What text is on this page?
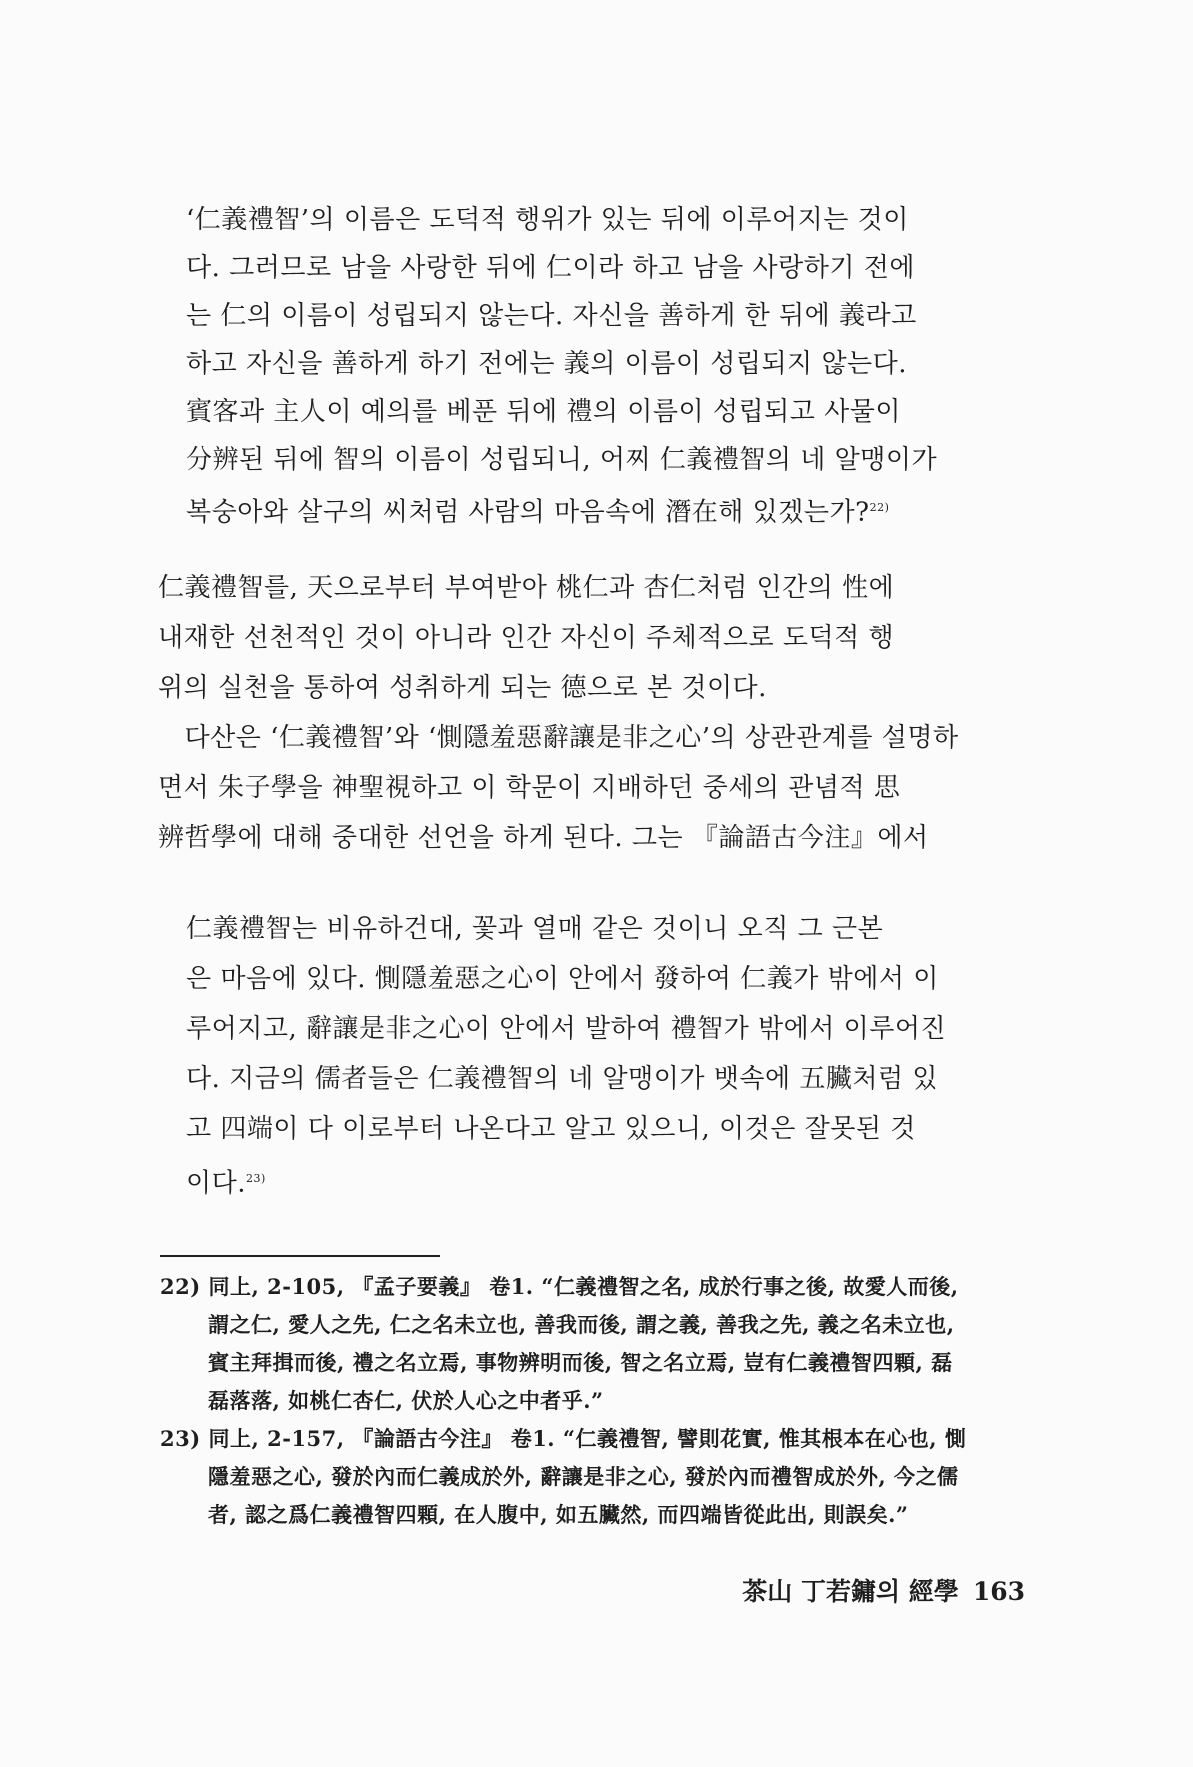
‘仁義禮智’의 이름은 도덕적 행위가 있는 뒤에 이루어지는 것이
다. 그러므로 남을 사랑한 뒤에 仁이라 하고 남을 사랑하기 전에
는 仁의 이름이 성립되지 않는다. 자신을 善하게 한 뒤에 義라고
하고 자신을 善하게 하기 전에는 義의 이름이 성립되지 않는다.
賓客과 主人이 예의를 베푼 뒤에 禮의 이름이 성립되고 사물이
分辨된 뒤에 智의 이름이 성립되니, 어찌 仁義禮智의 네 알맹이가
복숭아와 살구의 씨처럼 사람의 마음속에 潛在해 있겠는가?$^{22)}$
仁義禮智를, 天으로부터 부여받아 桃仁과 杏仁처럼 인간의 性에
내재한 선천적인 것이 아니라 인간 자신이 주체적으로 도덕적 행
위의 실천을 통하여 성취하게 되는 德으로 본 것이다.
　다산은 ‘仁義禮智’와 ‘惻隱羞惡辭讓是非之心’의 상관관계를 설명하
면서 朱子學을 神聖視하고 이 학문이 지배하던 중세의 관념적 思
辨哲學에 대해 중대한 선언을 하게 된다. 그는 『論語古今注』에서
仁義禮智는 비유하건대, 꽃과 열매 같은 것이니 오직 그 근본
은 마음에 있다. 惻隱羞惡之心이 안에서 發하여 仁義가 밖에서 이
루어지고, 辭讓是非之心이 안에서 발하여 禮智가 밖에서 이루어진
다. 지금의 儒者들은 仁義禮智의 네 알맹이가 뱃속에 五臟처럼 있
고 四端이 다 이로부터 나온다고 알고 있으니, 이것은 잘못된 것
이다.$^{23)}$
22) 同上, 2-105, 『孟子要義』 卷1. “仁義禮智之名, 成於行事之後, 故愛人而後,
謂之仁, 愛人之先, 仁之名未立也, 善我而後, 謂之義, 善我之先, 義之名未立也,
賓主拜揖而後, 禮之名立焉, 事物辨明而後, 智之名立焉, 豈有仁義禮智四顆, 磊
磊落落, 如桃仁杏仁, 伏於人心之中者乎.”
23) 同上, 2-157, 『論語古今注』 卷1. “仁義禮智, 譬則花實, 惟其根本在心也, 惻
隱羞惡之心, 發於內而仁義成於外, 辭讓是非之心, 發於內而禮智成於外, 今之儒
者, 認之爲仁義禮智四顆, 在人腹中, 如五臟然, 而四端皆從此出, 則誤矣.”
茶山 丁若鏞의 經學 163
